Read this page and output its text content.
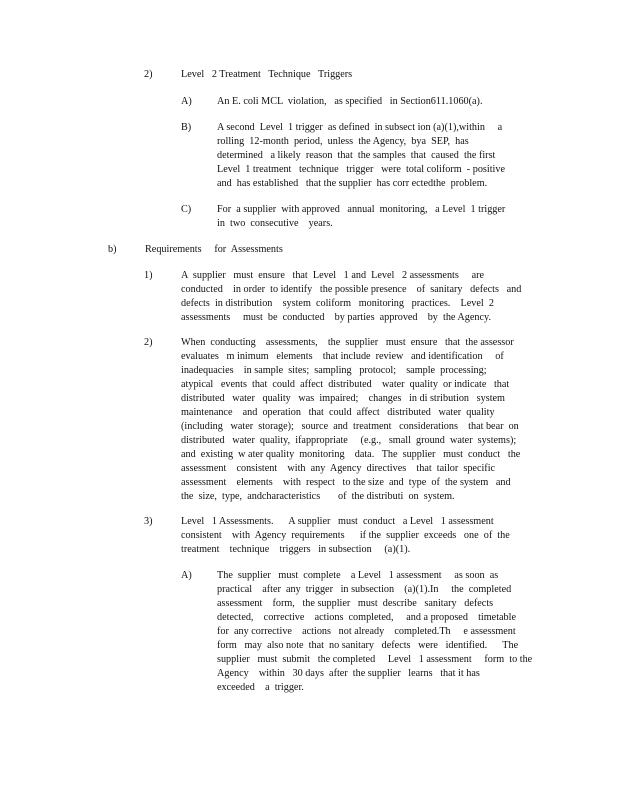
2)	Level   2 Treatment   Technique   Triggers
A) An E. coli MCL  violation,   as specified   in Section611.1060(a).
B)	A second  Level  1 trigger  as defined  in subsect ion (a)(1),within     a
rolling  12-month  period,  unless  the Agency,  bya  SEP,  has
determined   a likely  reason  that  the samples  that  caused  the first
Level  1 treatment   technique   trigger   were  total coliform  - positive
and  has established   that the supplier  has corr ectedthe  problem.
C)	For  a supplier  with approved   annual  monitoring,   a Level  1 trigger
in  two  consecutive    years.
b)	Requirements     for  Assessments
1)	A  supplier   must  ensure   that  Level   1 and  Level   2 assessments     are
conducted    in order  to identify   the possible presence    of  sanitary   defects   and
defects  in distribution    system  coliform   monitoring   practices.    Level  2
assessments     must  be  conducted    by parties  approved    by  the Agency.
2)	When  conducting    assessments,    the  supplier   must  ensure   that  the assessor
evaluates   m inimum   elements    that include  review   and identification     of
inadequacies    in sample  sites;  sampling   protocol;    sample  processing;
atypical   events  that  could  affect  distributed    water  quality  or indicate   that
distributed   water   quality   was  impaired;    changes   in di stribution   system
maintenance    and  operation   that  could  affect   distributed   water  quality
(including   water  storage);   source  and  treatment   considerations    that bear  on
distributed   water  quality,  ifappropriate     (e.g.,   small  ground  water  systems);
and  existing  w ater quality  monitoring    data.   The  supplier   must  conduct   the
assessment    consistent    with  any  Agency  directives    that  tailor  specific
assessment    elements    with  respect   to the size  and  type  of  the system   and
the  size,  type,  andcharacteristics       of  the distributi  on  system.
3)	Level   1 Assessments.      A supplier   must  conduct   a Level   1 assessment
consistent    with  Agency  requirements      if the  supplier  exceeds   one  of  the
treatment    technique    triggers   in subsection     (a)(1).
A) The  supplier   must  complete    a Level   1 assessment     as soon  as
practical    after  any  trigger   in subsection    (a)(1).In     the  completed
assessment    form,   the supplier   must  describe   sanitary   defects
detected,    corrective    actions  completed,     and a proposed    timetable
for  any corrective    actions   not already    completed.Th     e assessment
form   may  also note  that  no sanitary   defects   were   identified.      The
supplier   must  submit   the completed     Level   1 assessment     form  to the
Agency    within   30 days  after  the supplier   learns   that it has
exceeded    a  trigger.
